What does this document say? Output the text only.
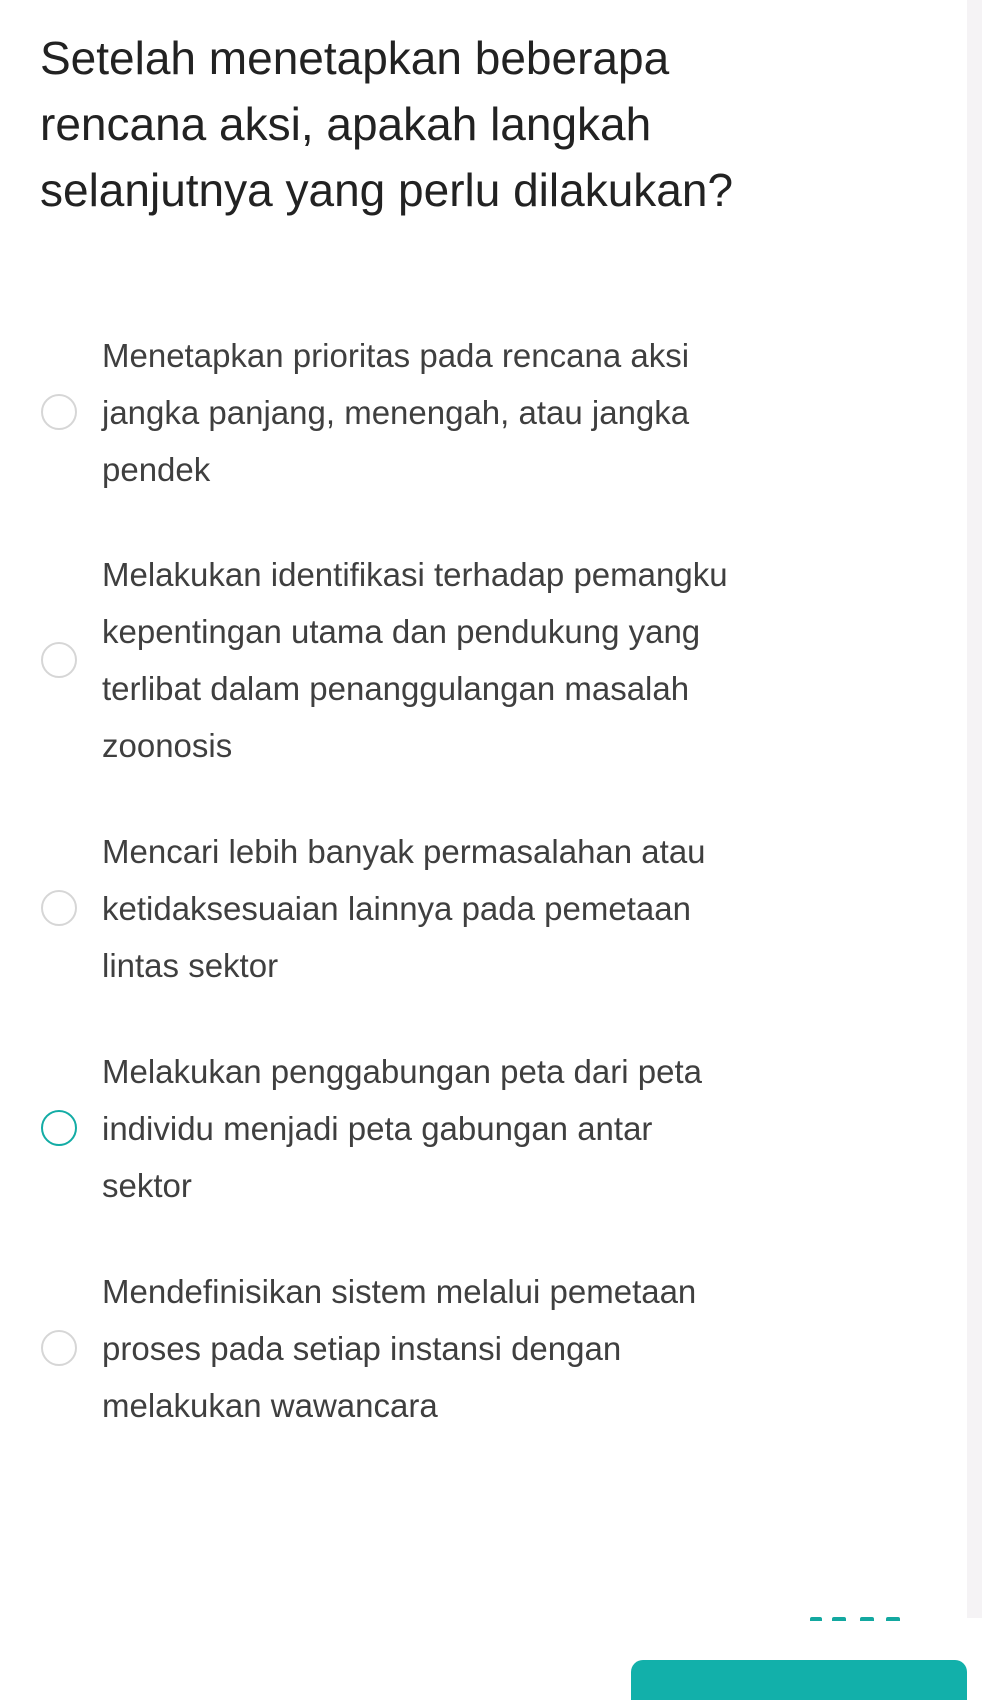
Setelah menetapkan beberapa
rencana aksi, apakah langkah
selanjutnya yang perlu dilakukan?
Menetapkan prioritas pada rencana aksi
jangka panjang, menengah, atau jangka
pendek
Melakukan identifikasi terhadap pemangku
kepentingan utama dan pendukung yang
terlibat dalam penanggulangan masalah
zoonosis
Mencari lebih banyak permasalahan atau
ketidaksesuaian lainnya pada pemetaan
lintas sektor
Melakukan penggabungan peta dari peta
individu menjadi peta gabungan antar
sektor
Mendefinisikan sistem melalui pemetaan
proses pada setiap instansi dengan
melakukan wawancara
